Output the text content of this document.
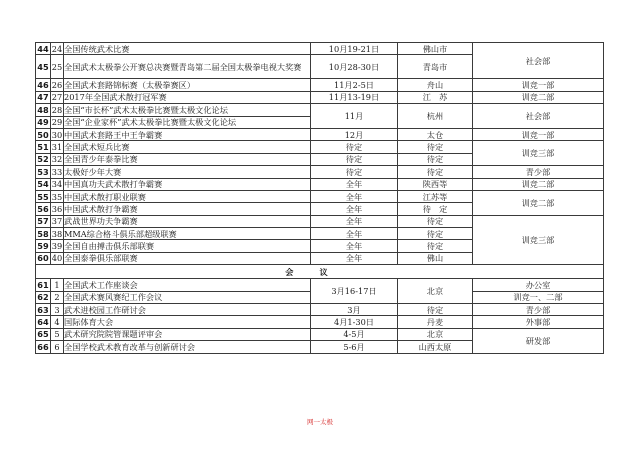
44	24	全国传统武术比赛	10月19-21日	佛山市	社会部
45	25	全国武术太极拳公开赛总决赛暨青岛第二届全国太极拳电视大奖赛	10月28-30日	青岛市	
46	26	全国武术套路锦标赛（太极拳赛区）	11月2-5日	舟山	训竞一部
47	27	2017年全国武术散打冠军赛	11月13-19日	江　苏	训竞二部
48	28	全国“市长杯”武术太极拳比赛暨太极文化论坛	11月	杭州	社会部
49	29	全国“企业家杯”武术太极拳比赛暨太极文化论坛			
50	30	中国武术套路王中王争霸赛	12月	太仓	训竞一部
51	31	全国武术短兵比赛	待定	待定	训竞三部
52	32	全国青少年泰拳比赛	待定	待定	
53	33	太极好少年大赛	待定	待定	青少部
54	34	中国真功夫武术散打争霸赛	全年	陕西等	训竞二部
55	35	中国武术散打职业联赛	全年	江苏等	训竞二部
56	36	中国武术散打争霸赛	全年	待　定	
57	37	武战世界功夫争霸赛	全年	待定	训竞三部
58	38	MMA综合格斗俱乐部超级联赛	全年	待定	
59	39	全国自由搏击俱乐部联赛	全年	待定	
60	40	全国泰拳俱乐部联赛	全年	佛山	
会议					
61	1	全国武术工作座谈会	3月16-17日	北京	办公室
62	2	全国武术赛风赛纪工作会议			训竞一、二部
63	3	武术进校园工作研讨会	3月	待定	青少部
64	4	国际体育大会	4月1-30日	丹麦	外事部
65	5	武术研究院院管课题评审会	4-5月	北京	研发部
66	6	全国学校武术教育改革与创新研讨会	5-6月	山西太原	
网一太极
